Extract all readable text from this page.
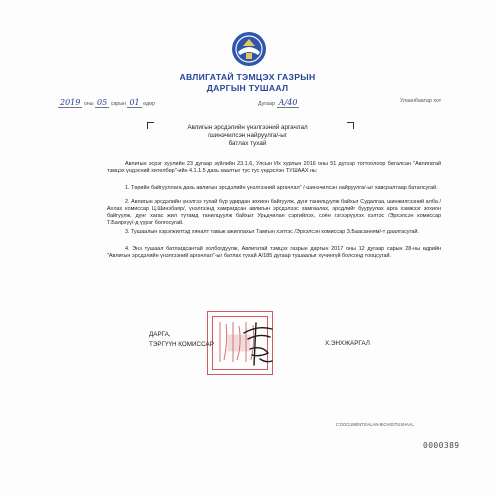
АВЛИГАТАЙ ТЭМЦЭХ ГАЗРЫН
ДАРГЫН ТУШААЛ
2019 оны 05 сарын 01 өдөр	Дугаар А/40	Улаанбаатар хот
Авлигын эрсдэлийн үнэлгээний аргачлал
/шинэчилсэн найруулга/-ыг
батлах тухай
Авлигын эсрэг хуулийн 23 дугаар зүйлийн 23.1.6, Улсын Их хурлын 2016 оны 51 дүгээр тогтоолоор баталсан "Авлигатай тэмцэх үндэсний хөтөлбөр"-ийн 4.1.1.5 дахь заалтыг тус тус үндэслэн ТУШААХ нь:
1. Төрийн байгууллага дахь авлигын эрсдэлийн үнэлгээний аргачлал" /-шинэчилсэн найруулга/-ыг хавсралтаар баталсугай.
2. Авлигын эрсдэлийн үнэлгээ тухай бүр удирдан зохион байгуулж, дүнг танилцуулж байхыг Судалгаа, шинжилгээний алба /Ахлах комиссар Ц.Шинэбаяр/, үнэлгээнд хамрагдсан авлигын эрсдэлээс хамгаалах, эрсдлийг бууруулах арга хэмжээг зохион байгуулж, дүнг хагас жил тутамд танилцуулж байхыг Урьдчилан сэргийлэх, соён гэгээрүүлэх хэлтэс /Эрхэлсэн комиссар Т.Баярхүү/-д үүрэг болгосугай.
3. Тушаалын хэрэгжилтэд хяналт тавьж ажиллахыг Тамгын хэлтэс /Эрхэлсэн комиссар З.Баасанням/-т даалгасугай.
4. Энэ тушаал батлагдсантай холбогдуулж, Авлигатай тэмцэх газрын даргын 2017 оны 12 дугаар сарын 28-ны өдрийн "Авлигын эрсдэлийн үнэлгээний аргачлал"-ыг батлах тухай А/185 дугаар тушаалыг хүчингүй болсонд тооцсугай.
ДАРГА,
ТЭРГҮҮН КОМИССАР	Х.ЭНХЖАРГАЛ
C:DOCUMENTS\ALAN-BICHIG\TUSHAAL
0000389
